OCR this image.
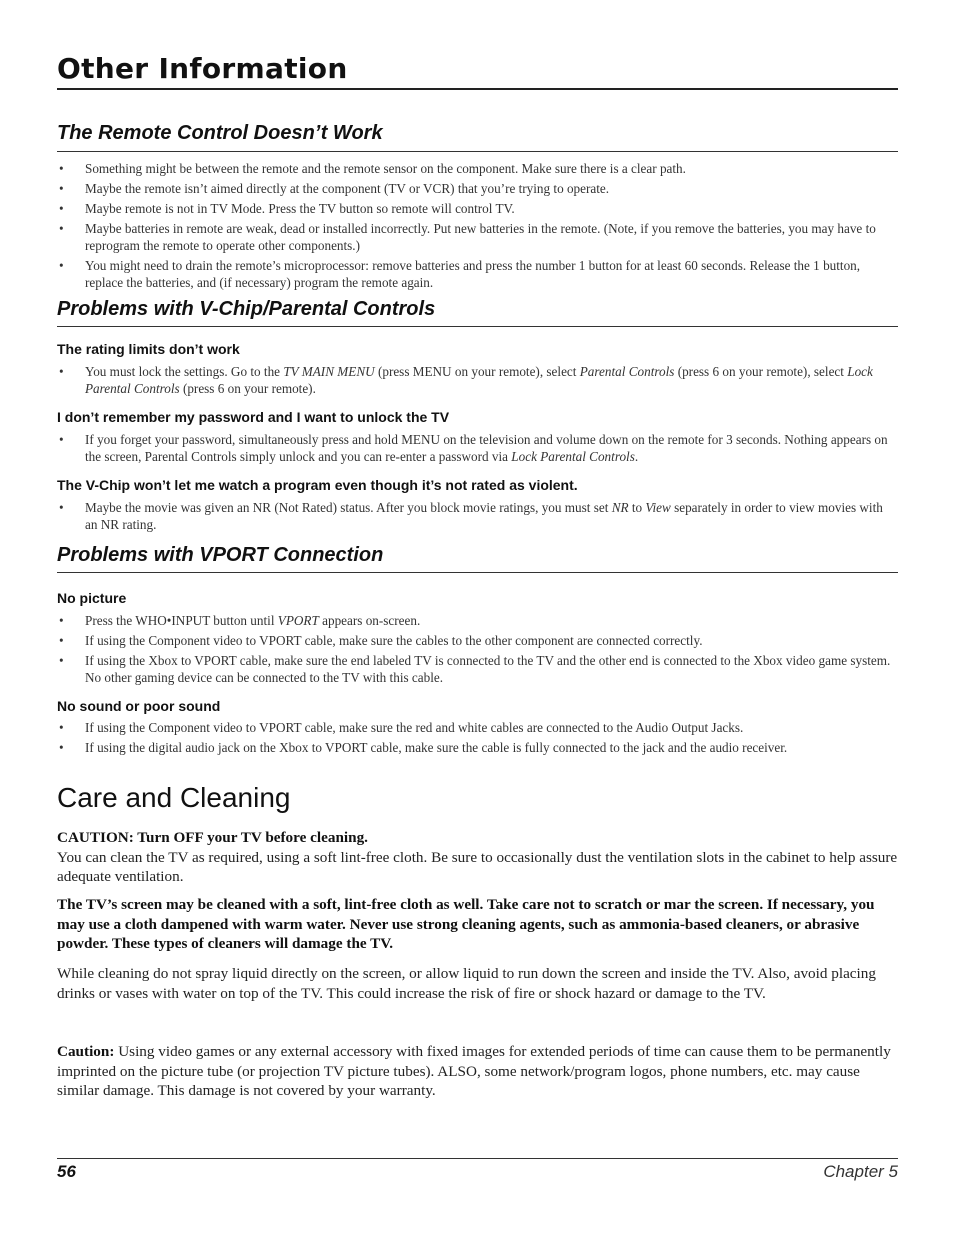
Other Information
The Remote Control Doesn’t Work
• Something might be between the remote and the remote sensor on the component. Make sure there is a clear path.
• Maybe the remote isn’t aimed directly at the component (TV or VCR) that you’re trying to operate.
• Maybe remote is not in TV Mode. Press the TV button so remote will control TV.
• Maybe batteries in remote are weak, dead or installed incorrectly. Put new batteries in the remote. (Note, if you remove the batteries, you may have to reprogram the remote to operate other components.)
• You might need to drain the remote’s microprocessor: remove batteries and press the number 1 button for at least 60 seconds. Release the 1 button, replace the batteries, and (if necessary) program the remote again.
Problems with V-Chip/Parental Controls
The rating limits don’t work
• You must lock the settings. Go to the TV MAIN MENU (press MENU on your remote), select Parental Controls (press 6 on your remote), select Lock Parental Controls (press 6 on your remote).
I don’t remember my password and I want to unlock the TV
• If you forget your password, simultaneously press and hold MENU on the television and volume down on the remote for 3 seconds. Nothing appears on the screen, Parental Controls simply unlock and you can re-enter a password via Lock Parental Controls.
The V-Chip won’t let me watch a program even though it’s not rated as violent.
• Maybe the movie was given an NR (Not Rated) status. After you block movie ratings, you must set NR to View separately in order to view movies with an NR rating.
Problems with VPORT Connection
No picture
• Press the WHO•INPUT button until VPORT appears on-screen.
• If using the Component video to VPORT cable, make sure the cables to the other component are connected correctly.
• If using the Xbox to VPORT cable, make sure the end labeled TV is connected to the TV and the other end is connected to the Xbox video game system. No other gaming device can be connected to the TV with this cable.
No sound or poor sound
• If using the Component video to VPORT cable, make sure the red and white cables are connected to the Audio Output Jacks.
• If using the digital audio jack on the Xbox to VPORT cable, make sure the cable is fully connected to the jack and the audio receiver.
Care and Cleaning

CAUTION: Turn OFF your TV before cleaning.
You can clean the TV as required, using a soft lint-free cloth. Be sure to occasionally dust the ventilation slots in the cabinet to help assure adequate ventilation.

The TV’s screen may be cleaned with a soft, lint-free cloth as well. Take care not to scratch or mar the screen. If necessary, you may use a cloth dampened with warm water. Never use strong cleaning agents, such as ammonia-based cleaners, or abrasive powder. These types of cleaners will damage the TV.

While cleaning do not spray liquid directly on the screen, or allow liquid to run down the screen and inside the TV. Also, avoid placing drinks or vases with water on top of the TV. This could increase the risk of fire or shock hazard or damage to the TV.

Caution: Using video games or any external accessory with fixed images for extended periods of time can cause them to be permanently imprinted on the picture tube (or projection TV picture tubes). ALSO, some network/program logos, phone numbers, etc. may cause similar damage. This damage is not covered by your warranty.

56	Chapter 5
